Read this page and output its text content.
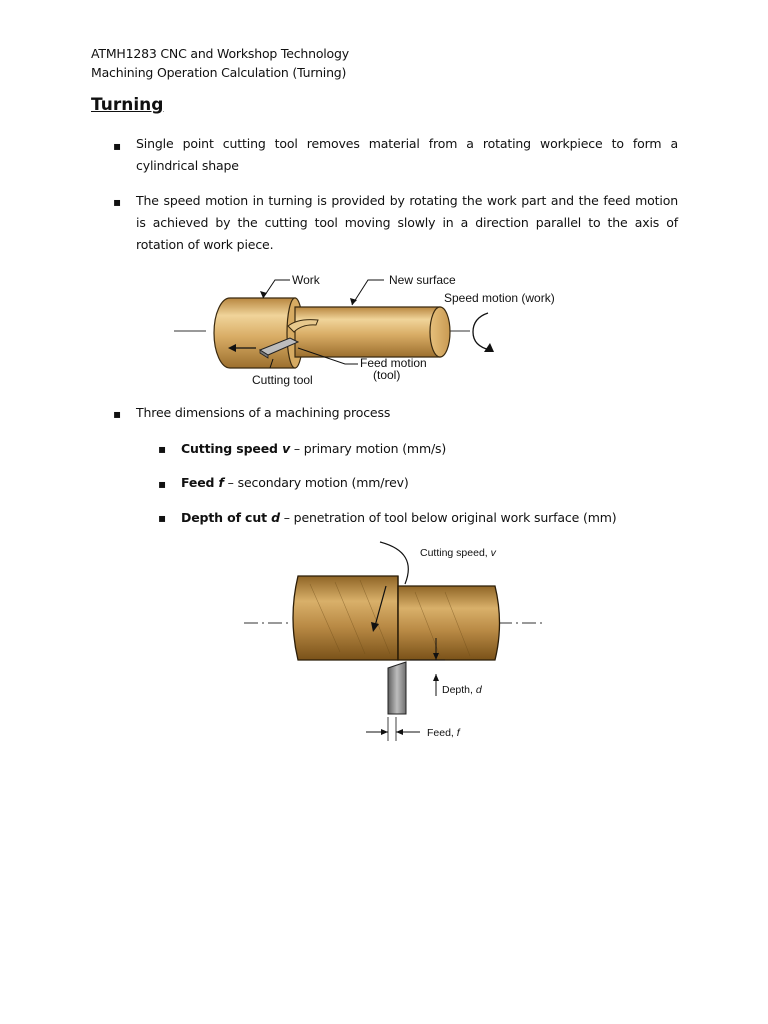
ATMH1283 CNC and Workshop Technology
Machining Operation Calculation (Turning)
Turning
▪ Single point cutting tool removes material from a rotating workpiece to form a cylindrical shape
▪ The speed motion in turning is provided by rotating the work part and the feed motion is achieved by the cutting tool moving slowly in a direction parallel to the axis of rotation of work piece.
Work	New surface
Speed motion (work)
Feed motion
(tool)
Cutting tool
▪ Three dimensions of a machining process
▪ Cutting speed v – primary motion (mm/s)
▪ Feed f – secondary motion (mm/rev)
▪ Depth of cut d – penetration of tool below original work surface (mm)
Cutting speed, v
Depth, d
Feed, f
